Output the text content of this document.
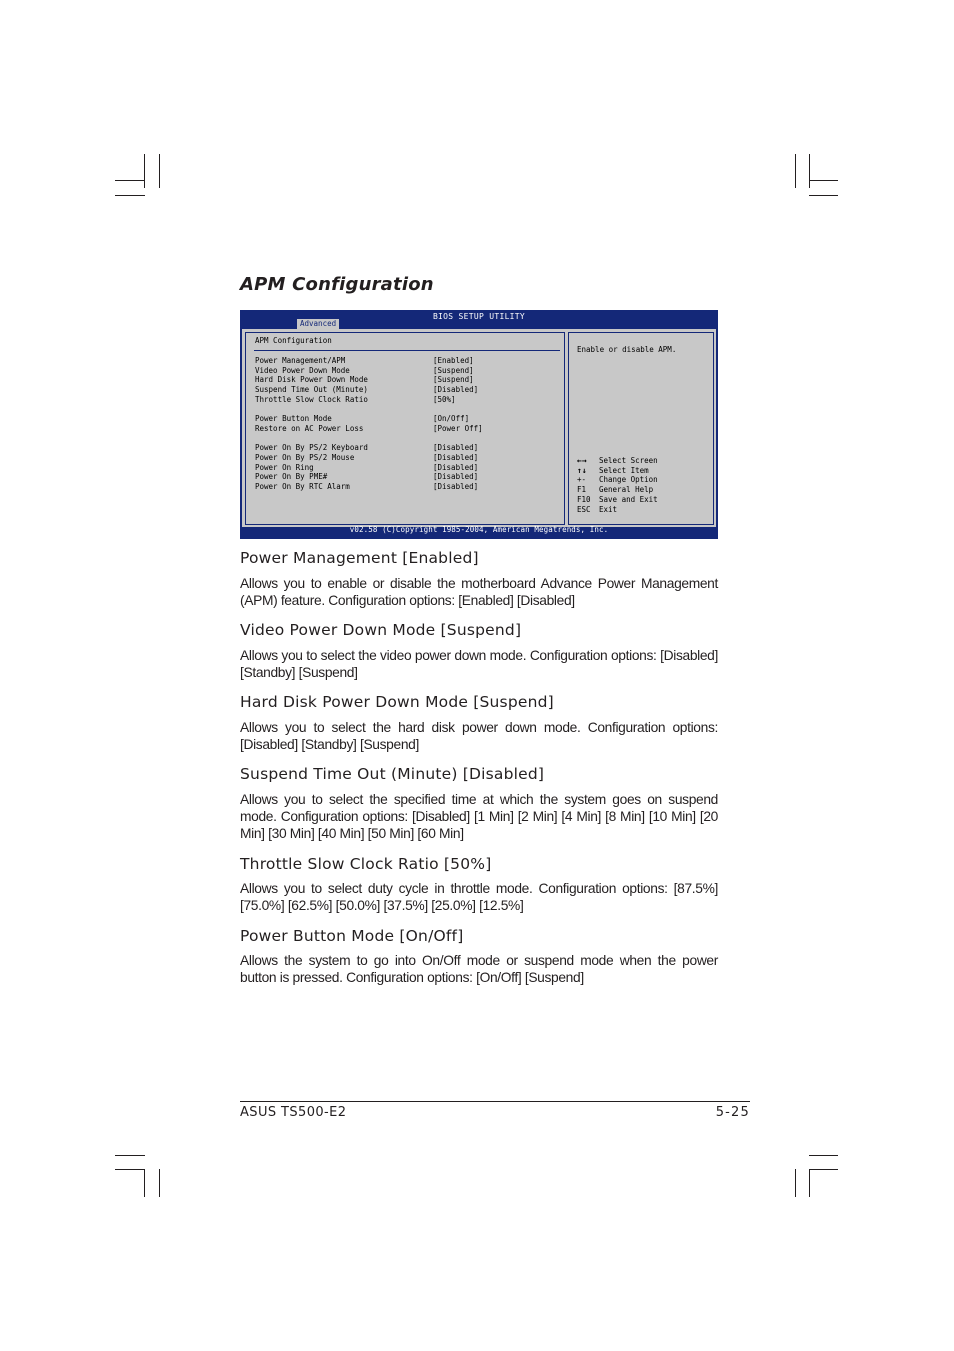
APM Configuration
BIOS SETUP UTILITY
Advanced
APM Configuration
Power Management/APM	[Enabled]
Video Power Down Mode	[Suspend]
Hard Disk Power Down Mode	[Suspend]
Suspend Time Out (Minute)	[Disabled]
Throttle Slow Clock Ratio	[50%]
Power Button Mode	[On/Off]
Restore on AC Power Loss	[Power Off]
Power On By PS/2 Keyboard	[Disabled]
Power On By PS/2 Mouse	[Disabled]
Power On Ring	[Disabled]
Power On By PME#	[Disabled]
Power On By RTC Alarm	[Disabled]
Enable or disable APM.
←→ Select Screen
↑↓ Select Item
+- Change Option
F1 General Help
F10 Save and Exit
ESC Exit
v02.58 (C)Copyright 1985-2004, American Megatrends, Inc.
Power Management [Enabled]

Allows you to enable or disable the motherboard Advance Power Management (APM) feature. Configuration options: [Enabled] [Disabled]

Video Power Down Mode [Suspend]

Allows you to select the video power down mode. Configuration options: [Disabled] [Standby] [Suspend]

Hard Disk Power Down Mode [Suspend]

Allows you to select the hard disk power down mode. Configuration options: [Disabled] [Standby] [Suspend]

Suspend Time Out (Minute) [Disabled]

Allows you to select the specified time at which the system goes on suspend mode. Configuration options: [Disabled] [1 Min] [2 Min] [4 Min] [8 Min] [10 Min] [20 Min] [30 Min] [40 Min] [50 Min] [60 Min]

Throttle Slow Clock Ratio [50%]

Allows you to select duty cycle in throttle mode. Configuration options: [87.5%] [75.0%] [62.5%] [50.0%] [37.5%] [25.0%] [12.5%]

Power Button Mode [On/Off]

Allows the system to go into On/Off mode or suspend mode when the power button is pressed. Configuration options: [On/Off] [Suspend]

ASUS TS500-E2	5-25
